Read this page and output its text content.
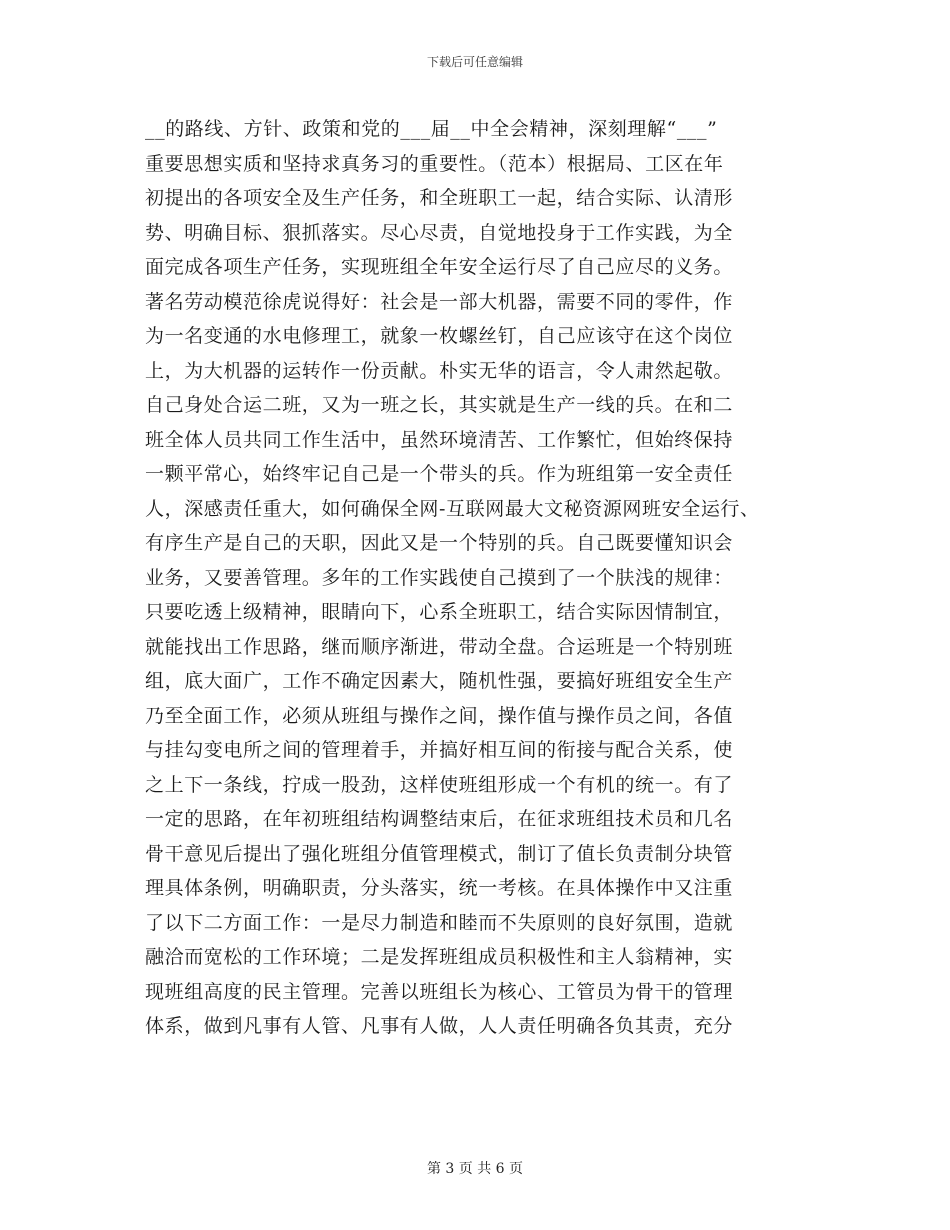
下载后可任意编辑
__的路线、方针、政策和党的___届__中全会精神，深刻理解“___”
重要思想实质和坚持求真务习的重要性。（范本）根据局、工区在年
初提出的各项安全及生产任务，和全班职工一起，结合实际、认清形
势、明确目标、狠抓落实。尽心尽责，自觉地投身于工作实践，为全
面完成各项生产任务，实现班组全年安全运行尽了自己应尽的义务。
著名劳动模范徐虎说得好：社会是一部大机器，需要不同的零件，作
为一名变通的水电修理工，就象一枚螺丝钉，自己应该守在这个岗位
上，为大机器的运转作一份贡献。朴实无华的语言，令人肃然起敬。
自己身处合运二班，又为一班之长，其实就是生产一线的兵。在和二
班全体人员共同工作生活中，虽然环境清苦、工作繁忙，但始终保持
一颗平常心，始终牢记自己是一个带头的兵。作为班组第一安全责任
人，深感责任重大，如何确保全网-互联网最大文秘资源网班安全运行、
有序生产是自己的天职，因此又是一个特别的兵。自己既要懂知识会
业务，又要善管理。多年的工作实践使自己摸到了一个肤浅的规律：
只要吃透上级精神，眼睛向下，心系全班职工，结合实际因情制宜，
就能找出工作思路，继而顺序渐进，带动全盘。合运班是一个特别班
组，底大面广，工作不确定因素大，随机性强，要搞好班组安全生产
乃至全面工作，必须从班组与操作之间，操作值与操作员之间，各值
与挂勾变电所之间的管理着手，并搞好相互间的衔接与配合关系，使
之上下一条线，拧成一股劲，这样使班组形成一个有机的统一。有了
一定的思路，在年初班组结构调整结束后，在征求班组技术员和几名
骨干意见后提出了强化班组分值管理模式，制订了值长负责制分块管
理具体条例，明确职责，分头落实，统一考核。在具体操作中又注重
了以下二方面工作：一是尽力制造和睦而不失原则的良好氛围，造就
融洽而宽松的工作环境；二是发挥班组成员积极性和主人翁精神，实
现班组高度的民主管理。完善以班组长为核心、工管员为骨干的管理
体系，做到凡事有人管、凡事有人做，人人责任明确各负其责，充分
第 3 页 共 6 页
